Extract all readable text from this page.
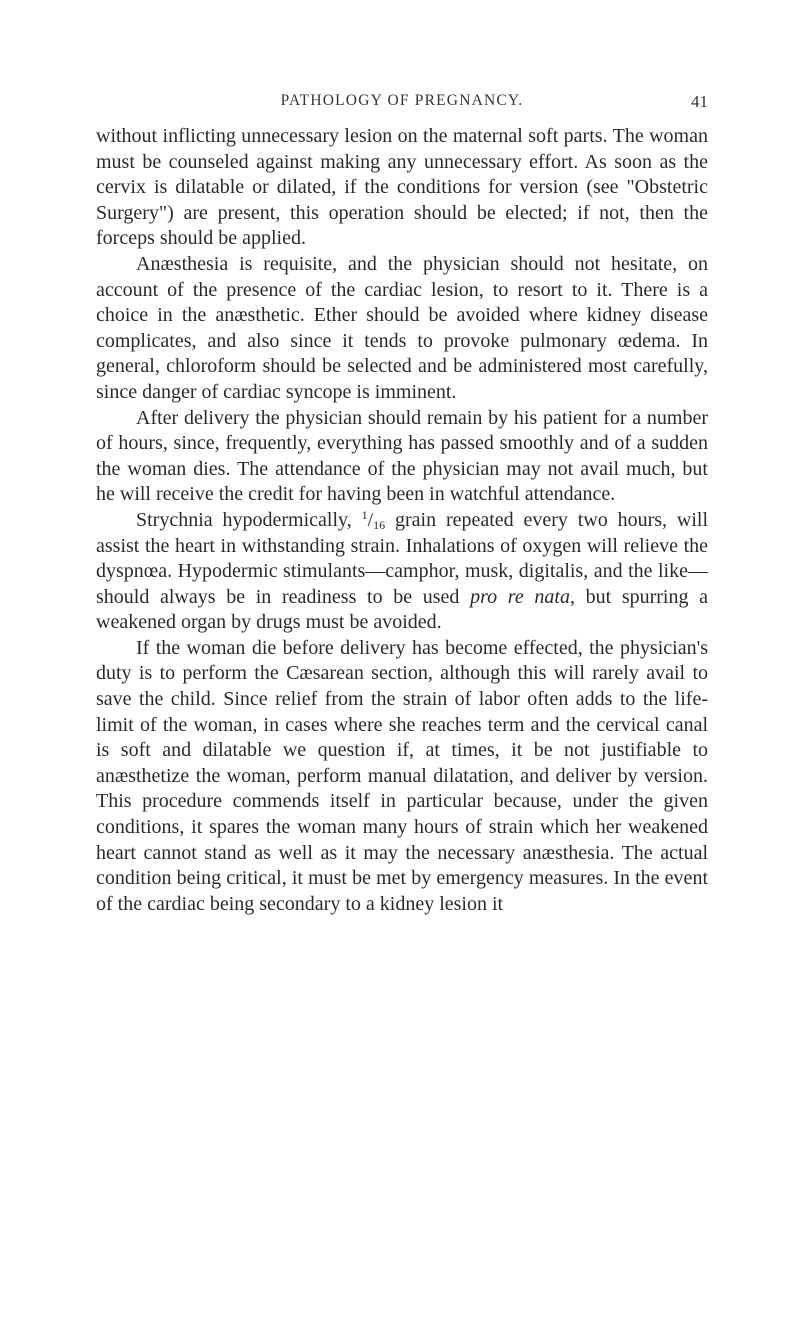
PATHOLOGY OF PREGNANCY.	41

without inflicting unnecessary lesion on the maternal soft parts. The woman must be counseled against making any unnecessary effort. As soon as the cervix is dilatable or dilated, if the conditions for version (see "Obstetric Surgery") are present, this operation should be elected; if not, then the forceps should be applied.

Anæsthesia is requisite, and the physician should not hesitate, on account of the presence of the cardiac lesion, to resort to it. There is a choice in the anæsthetic. Ether should be avoided where kidney disease complicates, and also since it tends to provoke pulmonary œdema. In general, chloroform should be selected and be administered most carefully, since danger of cardiac syncope is imminent.

After delivery the physician should remain by his patient for a number of hours, since, frequently, everything has passed smoothly and of a sudden the woman dies. The attendance of the physician may not avail much, but he will receive the credit for having been in watchful attendance.

Strychnia hypodermically, $^1/_{16}$ grain repeated every two hours, will assist the heart in withstanding strain. Inhalations of oxygen will relieve the dyspnœa. Hypodermic stimulants—camphor, musk, digitalis, and the like—should always be in readiness to be used pro re nata, but spurring a weakened organ by drugs must be avoided.

If the woman die before delivery has become effected, the physician's duty is to perform the Cæsarean section, although this will rarely avail to save the child. Since relief from the strain of labor often adds to the life-limit of the woman, in cases where she reaches term and the cervical canal is soft and dilatable we question if, at times, it be not justifiable to anæsthetize the woman, perform manual dilatation, and deliver by version. This procedure commends itself in particular because, under the given conditions, it spares the woman many hours of strain which her weakened heart cannot stand as well as it may the necessary anæsthesia. The actual condition being critical, it must be met by emergency measures. In the event of the cardiac being secondary to a kidney lesion it
